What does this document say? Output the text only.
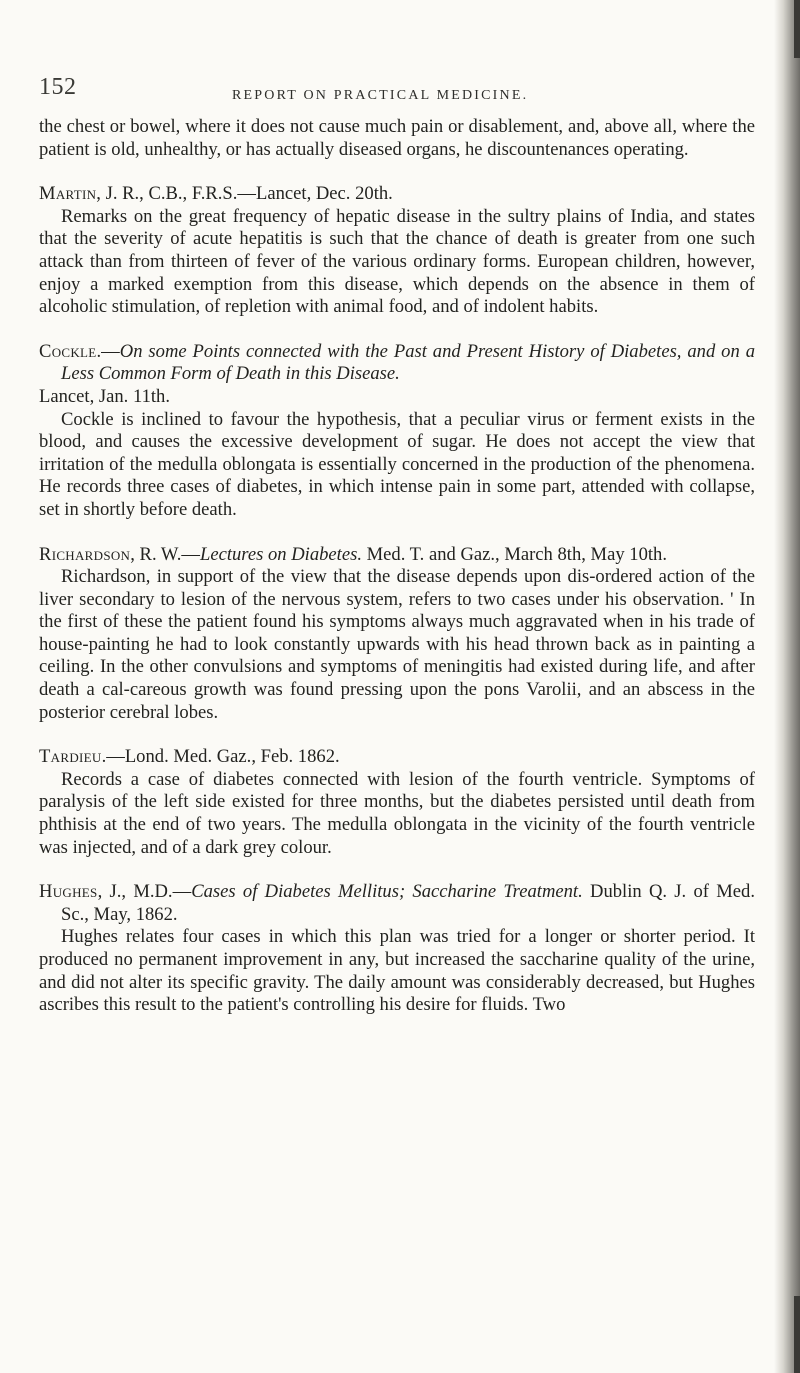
152	REPORT ON PRACTICAL MEDICINE.

the chest or bowel, where it does not cause much pain or disablement, and, above all, where the patient is old, unhealthy, or has actually diseased organs, he discountenances operating.

Martin, J. R., C.B., F.R.S.—Lancet, Dec. 20th.

Remarks on the great frequency of hepatic disease in the sultry plains of India, and states that the severity of acute hepatitis is such that the chance of death is greater from one such attack than from thirteen of fever of the various ordinary forms. European children, however, enjoy a marked exemption from this disease, which depends on the absence in them of alcoholic stimulation, of repletion with animal food, and of indolent habits.

Cockle.—On some Points connected with the Past and Present History of Diabetes, and on a Less Common Form of Death in this Disease.
Lancet, Jan. 11th.

Cockle is inclined to favour the hypothesis, that a peculiar virus or ferment exists in the blood, and causes the excessive development of sugar. He does not accept the view that irritation of the medulla oblongata is essentially concerned in the production of the phenomena. He records three cases of diabetes, in which intense pain in some part, attended with collapse, set in shortly before death.

Richardson, R. W.—Lectures on Diabetes. Med. T. and Gaz., March 8th, May 10th.

Richardson, in support of the view that the disease depends upon dis-ordered action of the liver secondary to lesion of the nervous system, refers to two cases under his observation. ' In the first of these the patient found his symptoms always much aggravated when in his trade of house-painting he had to look constantly upwards with his head thrown back as in painting a ceiling. In the other convulsions and symptoms of meningitis had existed during life, and after death a cal-careous growth was found pressing upon the pons Varolii, and an abscess in the posterior cerebral lobes.

Tardieu.—Lond. Med. Gaz., Feb. 1862.

Records a case of diabetes connected with lesion of the fourth ventricle. Symptoms of paralysis of the left side existed for three months, but the diabetes persisted until death from phthisis at the end of two years. The medulla oblongata in the vicinity of the fourth ventricle was injected, and of a dark grey colour.

Hughes, J., M.D.—Cases of Diabetes Mellitus; Saccharine Treatment. Dublin Q. J. of Med. Sc., May, 1862.

Hughes relates four cases in which this plan was tried for a longer or shorter period. It produced no permanent improvement in any, but increased the saccharine quality of the urine, and did not alter its specific gravity. The daily amount was considerably decreased, but Hughes ascribes this result to the patient's controlling his desire for fluids. Two
